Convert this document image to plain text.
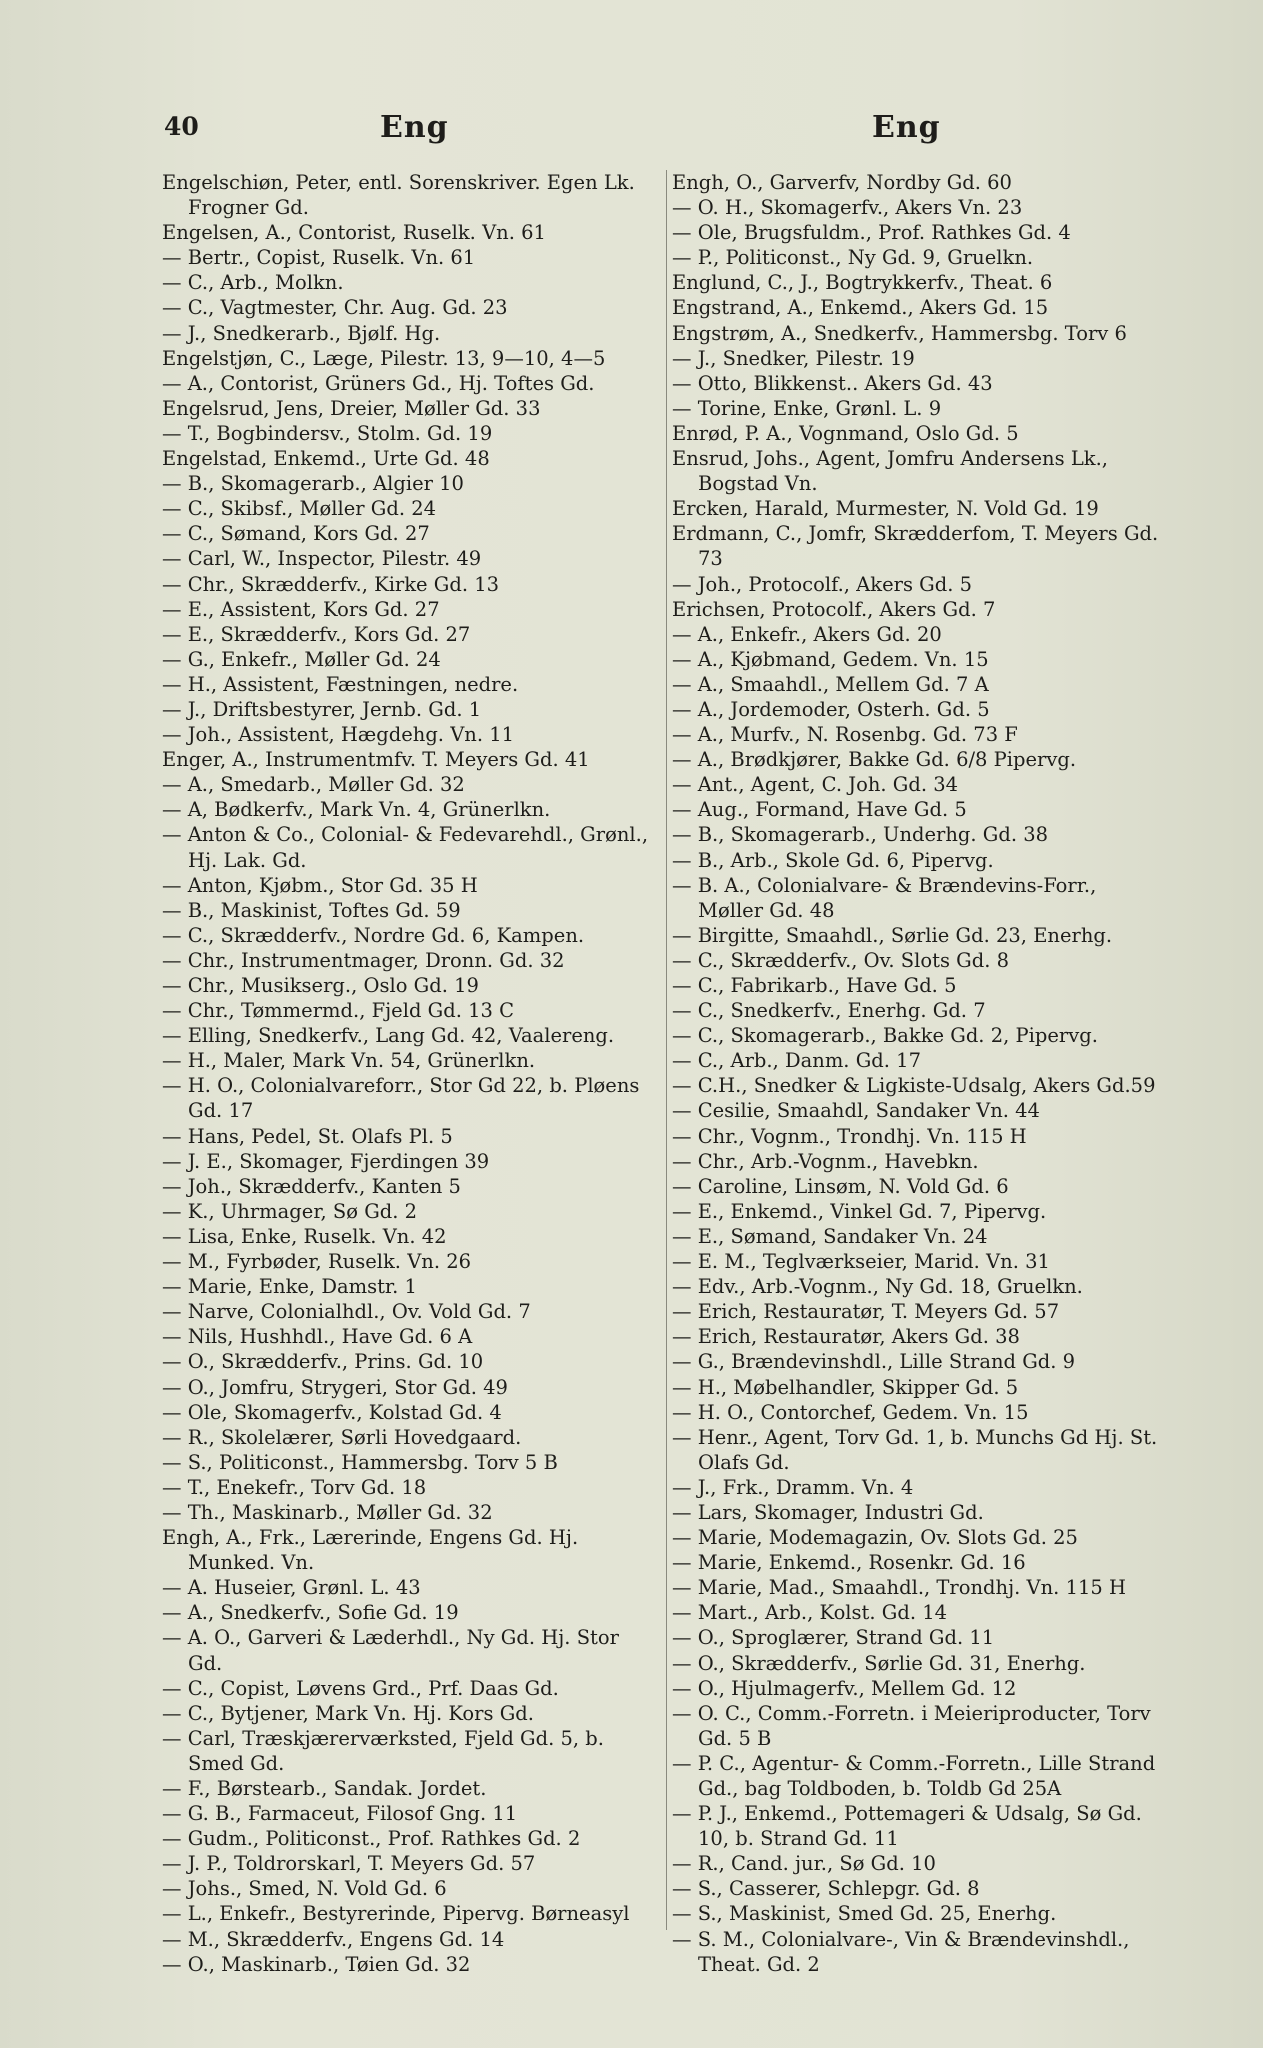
40	Eng	Eng
Engelschiøn, Peter, entl. Sorenskriver. Egen Lk. Frogner Gd.
Engelsen, A., Contorist, Ruselk. Vn. 61
— Bertr., Copist, Ruselk. Vn. 61
— C., Arb., Molkn.
— C., Vagtmester, Chr. Aug. Gd. 23
— J., Snedkerarb., Bjølf. Hg.
Engelstjøn, C., Læge, Pilestr. 13, 9—10, 4—5
— A., Contorist, Grüners Gd., Hj. Toftes Gd.
Engelsrud, Jens, Dreier, Møller Gd. 33
— T., Bogbindersv., Stolm. Gd. 19
Engelstad, Enkemd., Urte Gd. 48
— B., Skomagerarb., Algier 10
— C., Skibsf., Møller Gd. 24
— C., Sømand, Kors Gd. 27
— Carl, W., Inspector, Pilestr. 49
— Chr., Skrædderfv., Kirke Gd. 13
— E., Assistent, Kors Gd. 27
— E., Skrædderfv., Kors Gd. 27
— G., Enkefr., Møller Gd. 24
— H., Assistent, Fæstningen, nedre.
— J., Driftsbestyrer, Jernb. Gd. 1
— Joh., Assistent, Hægdehg. Vn. 11
Enger, A., Instrumentmfv. T. Meyers Gd. 41
— A., Smedarb., Møller Gd. 32
— A, Bødkerfv., Mark Vn. 4, Grünerlkn.
— Anton & Co., Colonial- & Fedevarehdl., Grønl., Hj. Lak. Gd.
— Anton, Kjøbm., Stor Gd. 35 H
— B., Maskinist, Toftes Gd. 59
— C., Skrædderfv., Nordre Gd. 6, Kampen.
— Chr., Instrumentmager, Dronn. Gd. 32
— Chr., Musikserg., Oslo Gd. 19
— Chr., Tømmermd., Fjeld Gd. 13 C
— Elling, Snedkerfv., Lang Gd. 42, Vaalereng.
— H., Maler, Mark Vn. 54, Grünerlkn.
— H. O., Colonialvareforr., Stor Gd 22, b. Pløens Gd. 17
— Hans, Pedel, St. Olafs Pl. 5
— J. E., Skomager, Fjerdingen 39
— Joh., Skrædderfv., Kanten 5
— K., Uhrmager, Sø Gd. 2
— Lisa, Enke, Ruselk. Vn. 42
— M., Fyrbøder, Ruselk. Vn. 26
— Marie, Enke, Damstr. 1
— Narve, Colonialhdl., Ov. Vold Gd. 7
— Nils, Hushhdl., Have Gd. 6 A
— O., Skrædderfv., Prins. Gd. 10
— O., Jomfru, Strygeri, Stor Gd. 49
— Ole, Skomagerfv., Kolstad Gd. 4
— R., Skolelærer, Sørli Hovedgaard.
— S., Politiconst., Hammersbg. Torv 5 B
— T., Enekefr., Torv Gd. 18
— Th., Maskinarb., Møller Gd. 32
Engh, A., Frk., Lærerinde, Engens Gd. Hj. Munked. Vn.
— A. Huseier, Grønl. L. 43
— A., Snedkerfv., Sofie Gd. 19
— A. O., Garveri & Læderhdl., Ny Gd. Hj. Stor Gd.
— C., Copist, Løvens Grd., Prf. Daas Gd.
— C., Bytjener, Mark Vn. Hj. Kors Gd.
— Carl, Træskjærerværksted, Fjeld Gd. 5, b. Smed Gd.
— F., Børstearb., Sandak. Jordet.
— G. B., Farmaceut, Filosof Gng. 11
— Gudm., Politiconst., Prof. Rathkes Gd. 2
— J. P., Toldrorskarl, T. Meyers Gd. 57
— Johs., Smed, N. Vold Gd. 6
— L., Enkefr., Bestyrerinde, Pipervg. Børneasyl
— M., Skrædderfv., Engens Gd. 14
— O., Maskinarb., Tøien Gd. 32
Engh, O., Garverfv, Nordby Gd. 60
— O. H., Skomagerfv., Akers Vn. 23
— Ole, Brugsfuldm., Prof. Rathkes Gd. 4
— P., Politiconst., Ny Gd. 9, Gruelkn.
Englund, C., J., Bogtrykkerfv., Theat. 6
Engstrand, A., Enkemd., Akers Gd. 15
Engstrøm, A., Snedkerfv., Hammersbg. Torv 6
— J., Snedker, Pilestr. 19
— Otto, Blikkenst.. Akers Gd. 43
— Torine, Enke, Grønl. L. 9
Enrød, P. A., Vognmand, Oslo Gd. 5
Ensrud, Johs., Agent, Jomfru Andersens Lk., Bogstad Vn.
Ercken, Harald, Murmester, N. Vold Gd. 19
Erdmann, C., Jomfr, Skrædderfom, T. Meyers Gd. 73
— Joh., Protocolf., Akers Gd. 5
Erichsen, Protocolf., Akers Gd. 7
— A., Enkefr., Akers Gd. 20
— A., Kjøbmand, Gedem. Vn. 15
— A., Smaahdl., Mellem Gd. 7 A
— A., Jordemoder, Osterh. Gd. 5
— A., Murfv., N. Rosenbg. Gd. 73 F
— A., Brødkjører, Bakke Gd. 6/8 Pipervg.
— Ant., Agent, C. Joh. Gd. 34
— Aug., Formand, Have Gd. 5
— B., Skomagerarb., Underhg. Gd. 38
— B., Arb., Skole Gd. 6, Pipervg.
— B. A., Colonialvare- & Brændevins-Forr., Møller Gd. 48
— Birgitte, Smaahdl., Sørlie Gd. 23, Enerhg.
— C., Skrædderfv., Ov. Slots Gd. 8
— C., Fabrikarb., Have Gd. 5
— C., Snedkerfv., Enerhg. Gd. 7
— C., Skomagerarb., Bakke Gd. 2, Pipervg.
— C., Arb., Danm. Gd. 17
— C.H., Snedker & Ligkiste-Udsalg, Akers Gd.59
— Cesilie, Smaahdl, Sandaker Vn. 44
— Chr., Vognm., Trondhj. Vn. 115 H
— Chr., Arb.-Vognm., Havebkn.
— Caroline, Linsøm, N. Vold Gd. 6
— E., Enkemd., Vinkel Gd. 7, Pipervg.
— E., Sømand, Sandaker Vn. 24
— E. M., Teglværkseier, Marid. Vn. 31
— Edv., Arb.-Vognm., Ny Gd. 18, Gruelkn.
— Erich, Restauratør, T. Meyers Gd. 57
— Erich, Restauratør, Akers Gd. 38
— G., Brændevinshdl., Lille Strand Gd. 9
— H., Møbelhandler, Skipper Gd. 5
— H. O., Contorchef, Gedem. Vn. 15
— Henr., Agent, Torv Gd. 1, b. Munchs Gd Hj. St. Olafs Gd.
— J., Frk., Dramm. Vn. 4
— Lars, Skomager, Industri Gd.
— Marie, Modemagazin, Ov. Slots Gd. 25
— Marie, Enkemd., Rosenkr. Gd. 16
— Marie, Mad., Smaahdl., Trondhj. Vn. 115 H
— Mart., Arb., Kolst. Gd. 14
— O., Sproglærer, Strand Gd. 11
— O., Skrædderfv., Sørlie Gd. 31, Enerhg.
— O., Hjulmagerfv., Mellem Gd. 12
— O. C., Comm.-Forretn. i Meieriproducter, Torv Gd. 5 B
— P. C., Agentur- & Comm.-Forretn., Lille Strand Gd., bag Toldboden, b. Toldb Gd 25A
— P. J., Enkemd., Pottemageri & Udsalg, Sø Gd. 10, b. Strand Gd. 11
— R., Cand. jur., Sø Gd. 10
— S., Casserer, Schlepgr. Gd. 8
— S., Maskinist, Smed Gd. 25, Enerhg.
— S. M., Colonialvare-, Vin & Brændevinshdl., Theat. Gd. 2
